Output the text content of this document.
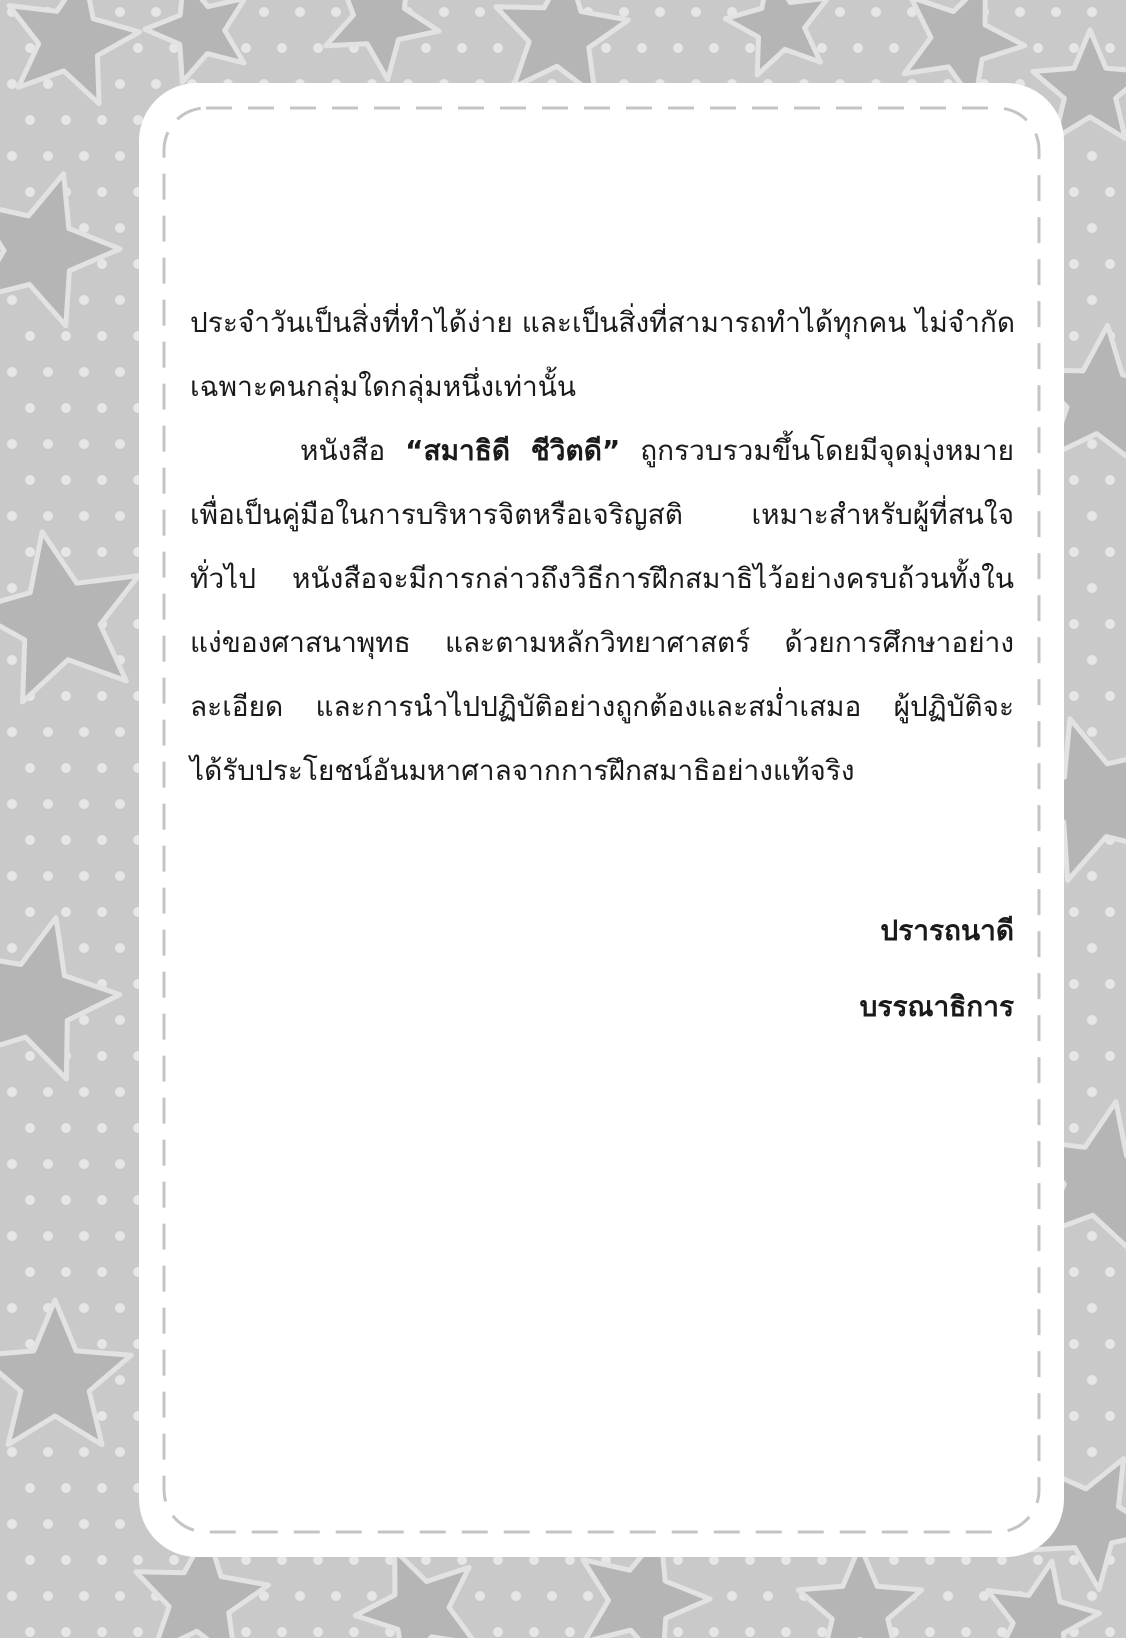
ประจำวันเป็นสิ่งที่ทำได้ง่าย และเป็นสิ่งที่สามารถทำได้ทุกคน ไม่จำกัด
เฉพาะคนกลุ่มใดกลุ่มหนึ่งเท่านั้น
หนังสือ “สมาธิดี ชีวิตดี” ถูกรวบรวมขึ้นโดยมีจุดมุ่งหมาย
เพื่อเป็นคู่มือในการบริหารจิตหรือเจริญสติ เหมาะสำหรับผู้ที่สนใจ
ทั่วไป หนังสือจะมีการกล่าวถึงวิธีการฝึกสมาธิไว้อย่างครบถ้วนทั้งใน
แง่ของศาสนาพุทธ และตามหลักวิทยาศาสตร์ ด้วยการศึกษาอย่าง
ละเอียด และการนำไปปฏิบัติอย่างถูกต้องและสม่ำเสมอ ผู้ปฏิบัติจะ
ได้รับประโยชน์อันมหาศาลจากการฝึกสมาธิอย่างแท้จริง
ปรารถนาดี
บรรณาธิการ
